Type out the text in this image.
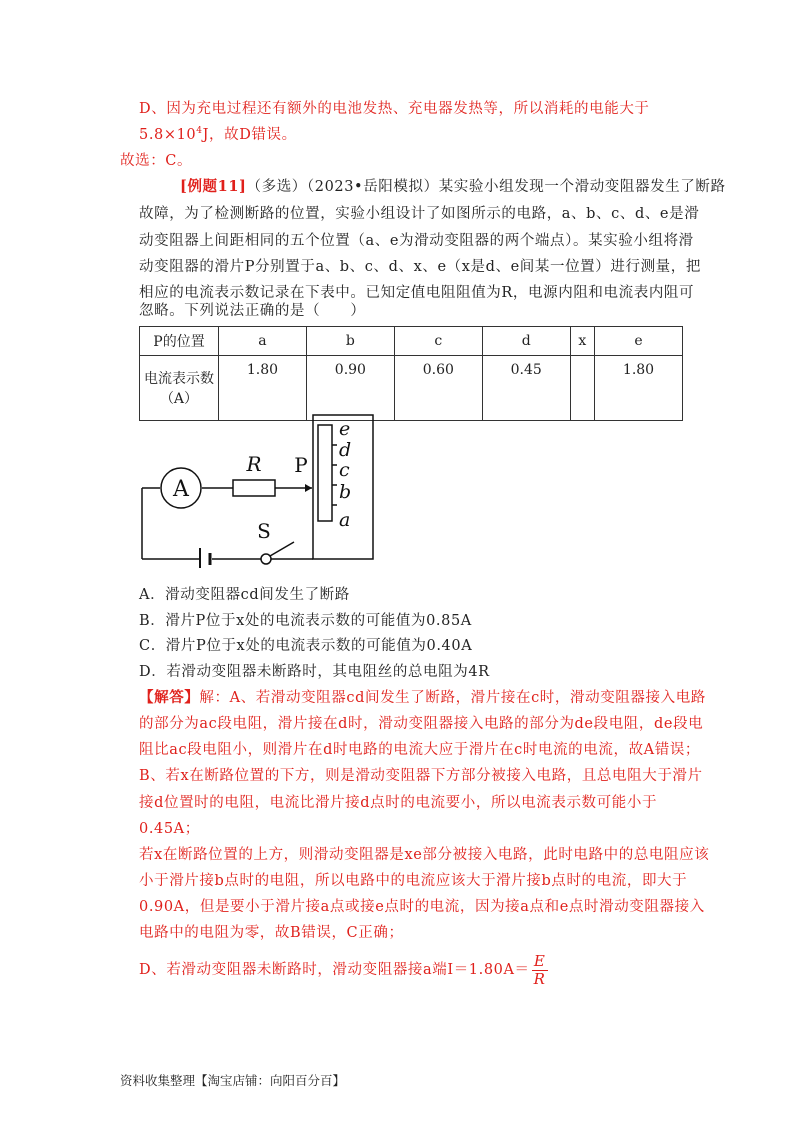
D、因为充电过程还有额外的电池发热、充电器发热等，所以消耗的电能大于
$5.8\times 10^4J$，故D错误。
故选：C。
[例题11]（多选）（2023•岳阳模拟）某实验小组发现一个滑动变阻器发生了断路
故障，为了检测断路的位置，实验小组设计了如图所示的电路，a、b、c、d、e是滑
动变阻器上间距相同的五个位置（a、e为滑动变阻器的两个端点）。某实验小组将滑
动变阻器的滑片P分别置于a、b、c、d、x、e（x是d、e间某一位置）进行测量，把
相应的电流表示数记录在下表中。已知定值电阻阻值为R，电源内阻和电流表内阻可
忽略。下列说法正确的是（　　）
P的位置	a	b	c	d	x	e

电流表示数
（A）	1.80	0.90	0.60	0.45		1.80
A
R P
S
e
d
c
b
a
A．滑动变阻器cd间发生了断路
B．滑片P位于x处的电流表示数的可能值为0.85A
C．滑片P位于x处的电流表示数的可能值为0.40A
D．若滑动变阻器未断路时，其电阻丝的总电阻为4R
【解答】解：A、若滑动变阻器cd间发生了断路，滑片接在c时，滑动变阻器接入电路
的部分为ac段电阻，滑片接在d时，滑动变阻器接入电路的部分为de段电阻，de段电
阻比ac段电阻小，则滑片在d时电路的电流大应于滑片在c时电流的电流，故A错误；
B、若x在断路位置的下方，则是滑动变阻器下方部分被接入电路，且总电阻大于滑片
接d位置时的电阻，电流比滑片接d点时的电流要小，所以电流表示数可能小于
0.45A；
若x在断路位置的上方，则滑动变阻器是xe部分被接入电路，此时电路中的总电阻应该
小于滑片接b点时的电阻，所以电路中的电流应该大于滑片接b点时的电流，即大于
0.90A，但是要小于滑片接a点或接e点时的电流，因为接a点和e点时滑动变阻器接入
电路中的电阻为零，故B错误，C正确；
D、若滑动变阻器未断路时，滑动变阻器接a端$I=1.80A= \frac{E}{R}$
资料收集整理【淘宝店铺：向阳百分百】
